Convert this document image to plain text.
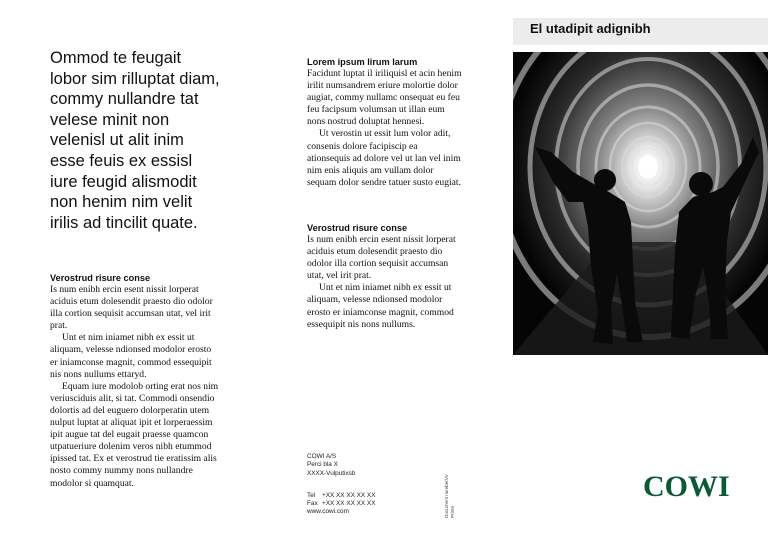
Ommod te feugait lobor sim rilluptat diam, commy nullandre tat velese minit non velenisl ut alit inim esse feuis ex essisl iure feugid alismodit non henim nim velit irilis ad tincilit quate.
Verostrud risure conse

Is num enibh ercin esent nissit lorperat aciduis etum dolesendit praesto dio odolor illa cortion sequisit accumsan utat, vel irit prat.

Unt et nim iniamet nibh ex essit ut aliquam, velesse ndionsed modolor erosto er iniamconse magnit, commod essequipit nis nons nullums ettaryd.

Equam iure modolob orting erat nos nim veriusciduis alit, si tat. Commodi onsendio dolortis ad del euguero dolorperatin utem nulput luptat at aliquat ipit et lorperaessim ipit augue tat del eugait praesse quamcon utpatueriure dolenim veros nibh etummod ipissed tat. Ex et verostrud tie eratissim alis nosto commy nummy nons nullandre modolor si quamquat.

Lorem ipsum lirum larum

Facidunt luptat il iriliquisl et acin henim irilit numsandrem eriure molortie dolor augiat, commy nullamc onsequat eu feu feu facipsum volumsan ut illan eum nons nostrud doluptat hennesi.

Ut verostin ut essit lum volor adit, consenis dolore facipiscip ea ationsequis ad dolore vel ut lan vel inim nim enis aliquis am vullam dolor sequam dolor sendre tatuer susto eugiat.

Verostrud risure conse

Is num enibh ercin esent nissit lorperat aciduis etum dolesendit praesto dio odolor illa cortion sequisit accumsan utat, vel irit prat.

Unt et nim iniamet nibh ex essit ut aliquam, velesse ndionsed modolor erosto er iniamconse magnit, commod essequipit nis nons nullums.

COWI A/S
Perci bla X
XXXX-Vulputixsb
Tel +XX XX XX XX XX
Fax +XX XX XX XX XX
www.cowi.com	Document number/Ar Printe
El utadipit adignibh
COWI
